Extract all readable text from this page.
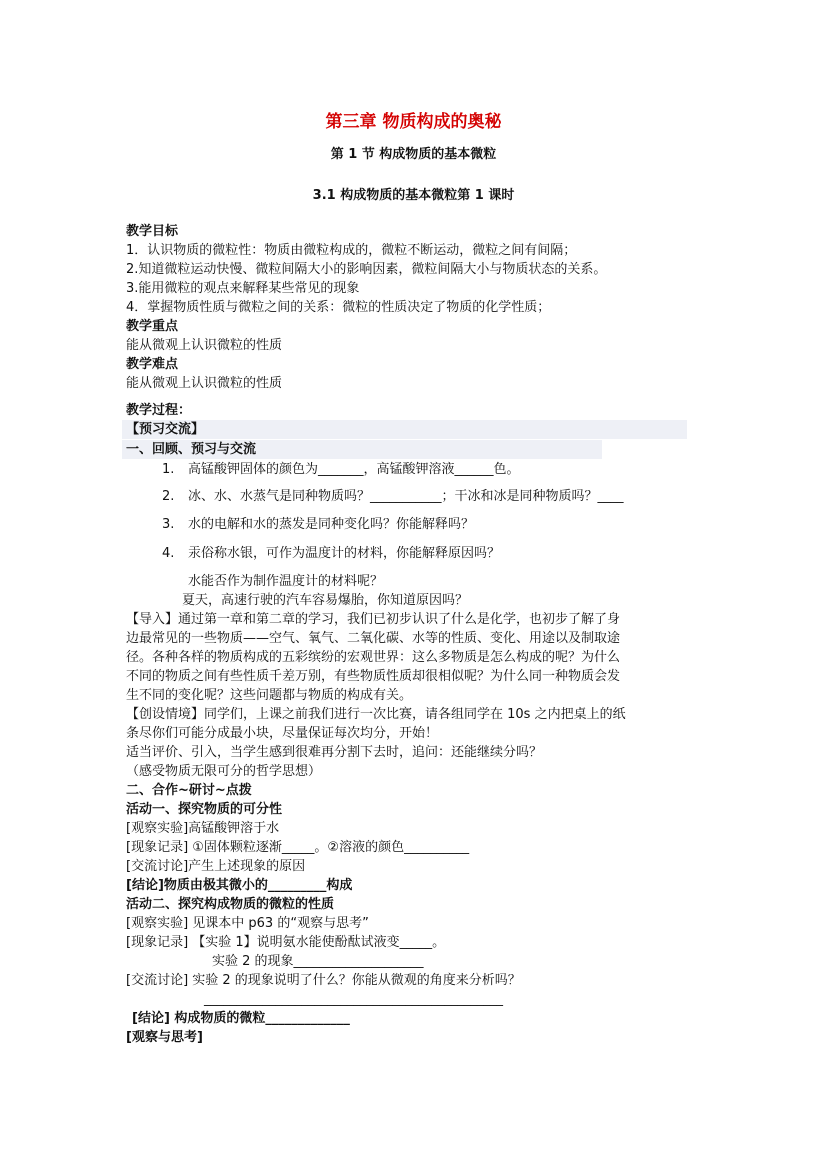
第三章 物质构成的奥秘
第 1 节 构成物质的基本微粒
3.1 构成物质的基本微粒第 1 课时
教学目标
1．认识物质的微粒性：物质由微粒构成的，微粒不断运动，微粒之间有间隔；
2.知道微粒运动快慢、微粒间隔大小的影响因素，微粒间隔大小与物质状态的关系。
3.能用微粒的观点来解释某些常见的现象
4．掌握物质性质与微粒之间的关系：微粒的性质决定了物质的化学性质；
教学重点
能从微观上认识微粒的性质
教学难点
能从微观上认识微粒的性质
教学过程：
【预习交流】
一、回顾、预习与交流
1. 高锰酸钾固体的颜色为_______，高锰酸钾溶液______色。
2. 冰、水、水蒸气是同种物质吗？___________；干冰和冰是同种物质吗？____
3. 水的电解和水的蒸发是同种变化吗？你能解释吗？
4. 汞俗称水银，可作为温度计的材料，你能解释原因吗？
水能否作为制作温度计的材料呢？
夏天，高速行驶的汽车容易爆胎，你知道原因吗？
【导入】通过第一章和第二章的学习，我们已初步认识了什么是化学，也初步了解了身
边最常见的一些物质——空气、氧气、二氧化碳、水等的性质、变化、用途以及制取途
径。各种各样的物质构成的五彩缤纷的宏观世界：这么多物质是怎么构成的呢？为什么
不同的物质之间有些性质千差万别，有些物质性质却很相似呢？为什么同一种物质会发
生不同的变化呢？这些问题都与物质的构成有关。
【创设情境】同学们，上课之前我们进行一次比赛，请各组同学在 10s 之内把桌上的纸
条尽你们可能分成最小块，尽量保证每次均分，开始！
适当评价、引入，当学生感到很难再分割下去时，追问：还能继续分吗？
（感受物质无限可分的哲学思想）
二、合作~研讨~点拨
活动一、探究物质的可分性
[观察实验]高锰酸钾溶于水
[现象记录] ①固体颗粒逐渐_____。②溶液的颜色__________
[交流讨论]产生上述现象的原因
[结论]物质由极其微小的_________构成
活动二、探究构成物质的微粒的性质
[观察实验] 见课本中 p63 的“观察与思考”
[现象记录] 【实验 1】说明氨水能使酚酞试液变_____。
实验 2 的现象____________________
[交流讨论] 实验 2 的现象说明了什么？你能从微观的角度来分析吗？
______________________________________________
[结论] 构成物质的微粒_____________
[观察与思考]
